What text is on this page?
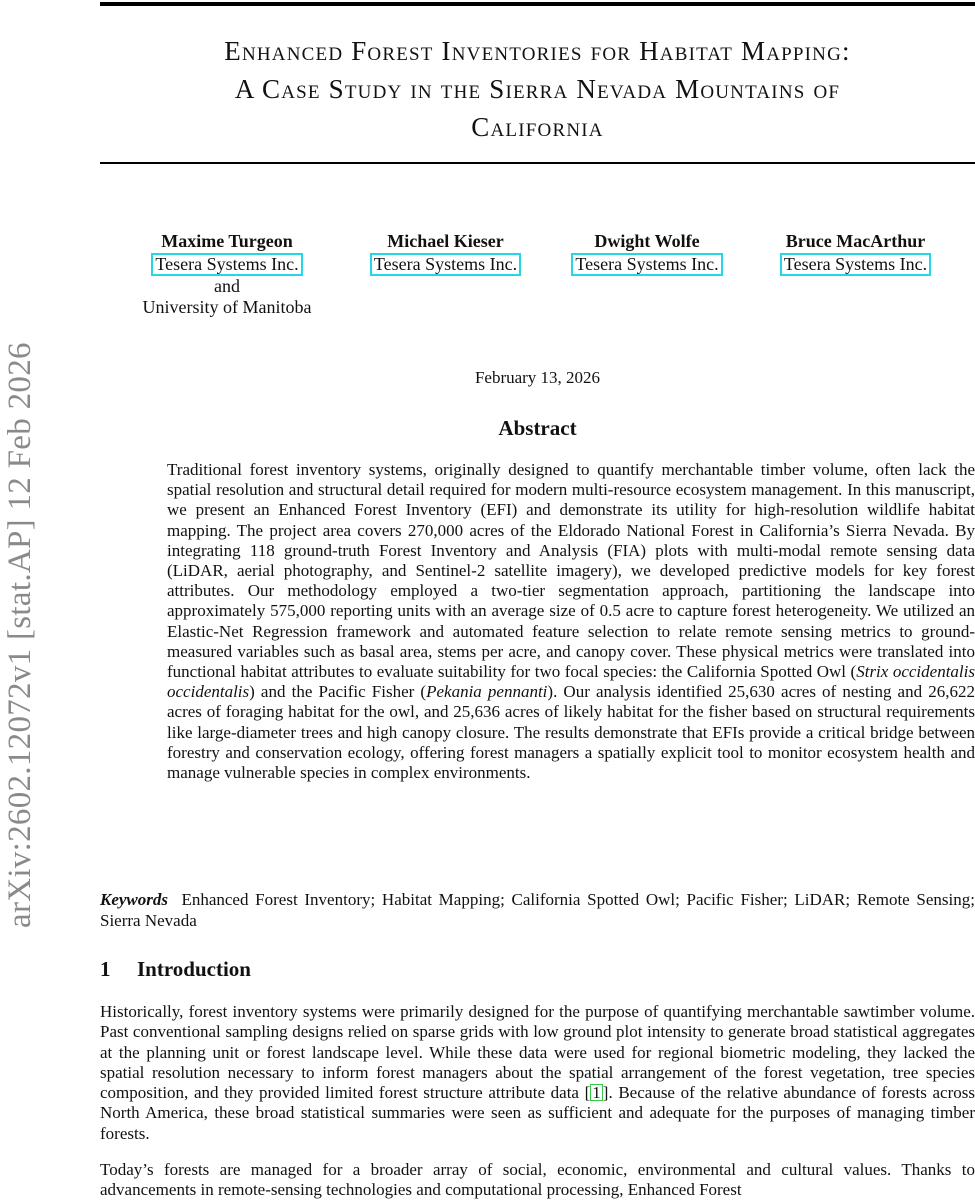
arXiv:2602.12072v1 [stat.AP] 12 Feb 2026
Enhanced Forest Inventories for Habitat Mapping:
A Case Study in the Sierra Nevada Mountains of
California
Maxime Turgeon
Tesera Systems Inc.
and
University of Manitoba
Michael Kieser
Tesera Systems Inc.
Dwight Wolfe
Tesera Systems Inc.
Bruce MacArthur
Tesera Systems Inc.
February 13, 2026
Abstract
Traditional forest inventory systems, originally designed to quantify merchantable timber volume, often lack the spatial resolution and structural detail required for modern multi-resource ecosystem management. In this manuscript, we present an Enhanced Forest Inventory (EFI) and demonstrate its utility for high-resolution wildlife habitat mapping. The project area covers 270,000 acres of the Eldorado National Forest in California’s Sierra Nevada. By integrating 118 ground-truth Forest Inventory and Analysis (FIA) plots with multi-modal remote sensing data (LiDAR, aerial photography, and Sentinel-2 satellite imagery), we developed predictive models for key forest attributes. Our methodology employed a two-tier segmentation approach, partitioning the landscape into approximately 575,000 reporting units with an average size of 0.5 acre to capture forest heterogeneity. We utilized an Elastic-Net Regression framework and automated feature selection to relate remote sensing metrics to ground-measured variables such as basal area, stems per acre, and canopy cover. These physical metrics were translated into functional habitat attributes to evaluate suitability for two focal species: the California Spotted Owl (Strix occidentalis occidentalis) and the Pacific Fisher (Pekania pennanti). Our analysis identified 25,630 acres of nesting and 26,622 acres of foraging habitat for the owl, and 25,636 acres of likely habitat for the fisher based on structural requirements like large-diameter trees and high canopy closure. The results demonstrate that EFIs provide a critical bridge between forestry and conservation ecology, offering forest managers a spatially explicit tool to monitor ecosystem health and manage vulnerable species in complex environments.
Keywords Enhanced Forest Inventory; Habitat Mapping; California Spotted Owl; Pacific Fisher; LiDAR; Remote Sensing; Sierra Nevada
1 Introduction
Historically, forest inventory systems were primarily designed for the purpose of quantifying merchantable sawtimber volume. Past conventional sampling designs relied on sparse grids with low ground plot intensity to generate broad statistical aggregates at the planning unit or forest landscape level. While these data were used for regional biometric modeling, they lacked the spatial resolution necessary to inform forest managers about the spatial arrangement of the forest vegetation, tree species composition, and they provided limited forest structure attribute data [ 1 ]. Because of the relative abundance of forests across North America, these broad statistical summaries were seen as sufficient and adequate for the purposes of managing timber forests.
Today’s forests are managed for a broader array of social, economic, environmental and cultural values. Thanks to advancements in remote-sensing technologies and computational processing, Enhanced Forest
